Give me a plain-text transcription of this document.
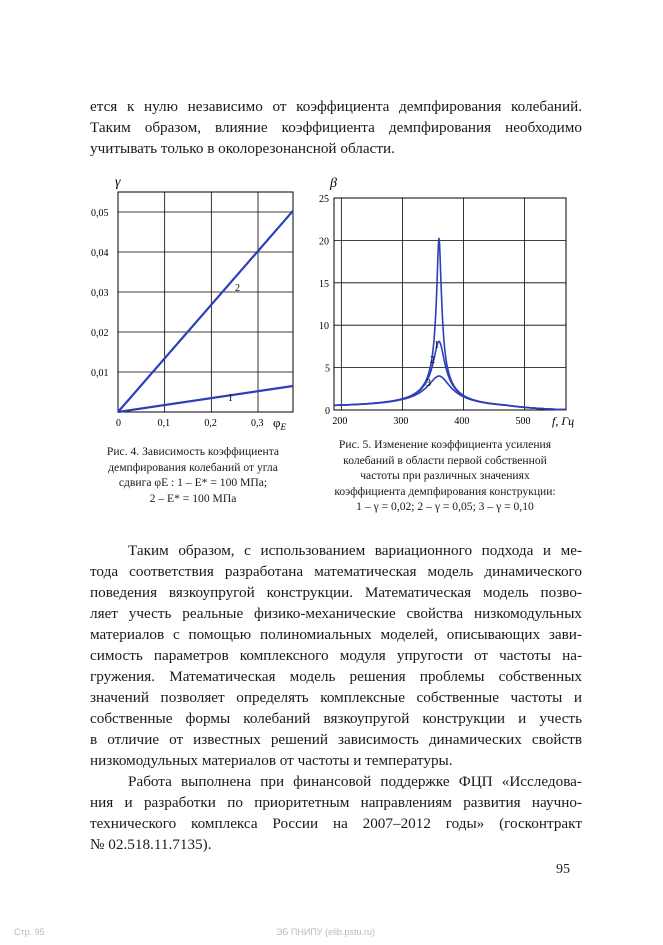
ется к нулю независимо от коэффициента демпфирования колебаний.
Таким образом, влияние коэффициента демпфирования необходимо
учитывать только в околорезонансной области.
0	0,1	0,2	0,3
0,01
0,02
0,03
0,04
0,05
γ
$\varphi_E$
2
1
Рис. 4. Зависимость коэффициента
демпфирования колебаний от угла
сдвига φE : 1 – E* = 100 МПа;
2 – E* = 100 МПа
200	300	400	500
0
5
10
15
20
25
β
f, Гц
1
2
3
Рис. 5. Изменение коэффициента усиления
колебаний в области первой собственной
частоты при различных значениях
коэффициента демпфирования конструкции:
1 – γ = 0,02; 2 – γ = 0,05; 3 – γ = 0,10
Таким образом, с использованием вариационного подхода и ме-
тода соответствия разработана математическая модель динамического
поведения вязкоупругой конструкции. Математическая модель позво-
ляет учесть реальные физико-механические свойства низкомодульных
материалов с помощью полиномиальных моделей, описывающих зави-
симость параметров комплексного модуля упругости от частоты на-
гружения. Математическая модель решения проблемы собственных
значений позволяет определять комплексные собственные частоты и
собственные формы колебаний вязкоупругой конструкции и учесть
в отличие от известных решений зависимость динамических свойств
низкомодульных материалов от частоты и температуры.
Работа выполнена при финансовой поддержке ФЦП «Исследова-
ния и разработки по приоритетным направлениям развития научно-
технического комплекса России на 2007–2012 годы» (госконтракт
№ 02.518.11.7135).
95
Стр. 95	ЭБ ПНИПУ (elib.pstu.ru)
